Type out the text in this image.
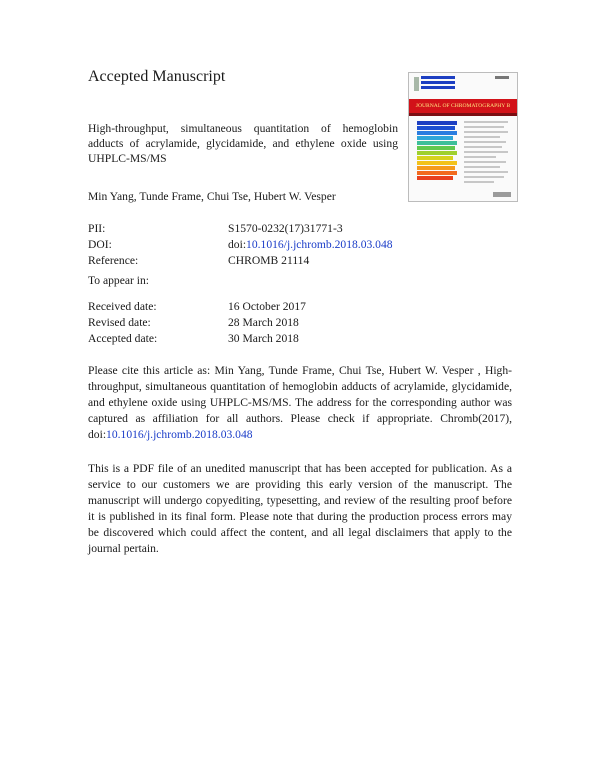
Accepted Manuscript
JOURNAL OF CHROMATOGRAPHY B

High-throughput, simultaneous quantitation of hemoglobin adducts of acrylamide, glycidamide, and ethylene oxide using UHPLC-MS/MS

Min Yang, Tunde Frame, Chui Tse, Hubert W. Vesper
PII:	S1570-0232(17)31771-3
DOI:	doi:10.1016/j.jchromb.2018.03.048
Reference:	CHROMB 21114
To appear in:
Received date:	16 October 2017
Revised date:	28 March 2018
Accepted date:	30 March 2018

Please cite this article as: Min Yang, Tunde Frame, Chui Tse, Hubert W. Vesper , High-throughput, simultaneous quantitation of hemoglobin adducts of acrylamide, glycidamide, and ethylene oxide using UHPLC-MS/MS. The address for the corresponding author was captured as affiliation for all authors. Please check if appropriate. Chromb(2017), doi:10.1016/j.jchromb.2018.03.048

This is a PDF file of an unedited manuscript that has been accepted for publication. As a service to our customers we are providing this early version of the manuscript. The manuscript will undergo copyediting, typesetting, and review of the resulting proof before it is published in its final form. Please note that during the production process errors may be discovered which could affect the content, and all legal disclaimers that apply to the journal pertain.
